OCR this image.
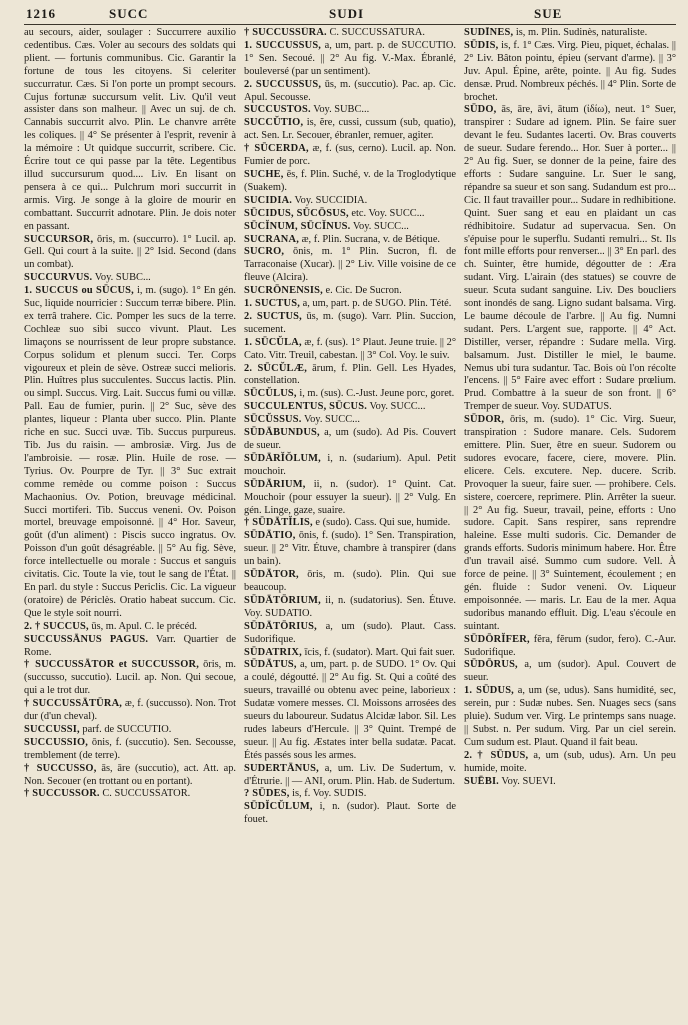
1216	SUCC	SUDI	SUE

au secours, aider, soulager : Succurrere auxilio cedentibus. Cæs. Voler au secours des soldats qui plient. — fortunis communibus. Cic. Garantir la fortune de tous les citoyens. Si celeriter succurratur. Cæs. Si l'on porte un prompt secours. Cujus fortunæ succursum velit. Liv. Qu'il veut assister dans son malheur. || Avec un suj. de ch. Cannabis succurrit alvo. Plin. Le chanvre arrête les coliques. || 4° Se présenter à l'esprit, revenir à la mémoire : Ut quidque succurrit, scribere. Cic. Écrire tout ce qui passe par la tête. Legentibus illud succursurum quod.... Liv. En lisant on pensera à ce qui... Pulchrum mori succurrit in armis. Virg. Je songe à la gloire de mourir en combattant. Succurrit adnotare. Plin. Je dois noter en passant.

SUCCURSOR, ōris, m. (succurro). 1° Lucil. ap. Gell. Qui court à la suite. || 2° Isid. Second (dans un combat).

SUCCURVUS. Voy. SUBC...

1. SUCCUS ou SŪCUS, i, m. (sugo). 1° En gén. Suc, liquide nourricier : Succum terræ bibere. Plin. ex terrâ trahere. Cic. Pomper les sucs de la terre. Cochleæ suo sibi succo vivunt. Plaut. Les limaçons se nourrissent de leur propre substance. Corpus solidum et plenum succi. Ter. Corps vigoureux et plein de sève. Ostreæ succi melioris. Plin. Huîtres plus succulentes. Succus lactis. Plin. ou simpl. Succus. Virg. Lait. Succus fumi ou villæ. Pall. Eau de fumier, purin. || 2° Suc, sève des plantes, liqueur : Planta uber succo. Plin. Plante riche en suc. Succi uvæ. Tib. Succus purpureus. Tib. Jus du raisin. — ambrosiæ. Virg. Jus de l'ambroisie. — rosæ. Plin. Huile de rose. — Tyrius. Ov. Pourpre de Tyr. || 3° Suc extrait comme remède ou comme poison : Succus Machaonius. Ov. Potion, breuvage médicinal. Succi mortiferi. Tib. Succus veneni. Ov. Poison mortel, breuvage empoisonné. || 4° Hor. Saveur, goût (d'un aliment) : Piscis succo ingratus. Ov. Poisson d'un goût désagréable. || 5° Au fig. Sève, force intellectuelle ou morale : Succus et sanguis civitatis. Cic. Toute la vie, tout le sang de l'État. || En parl. du style : Succus Periclis. Cic. La vigueur (oratoire) de Périclès. Oratio habeat succum. Cic. Que le style soit nourri.

2. † SUCCUS, ūs, m. Apul. C. le précéd.

SUCCUSSĀNUS PAGUS. Varr. Quartier de Rome.

† SUCCUSSĀTOR et SUCCUSSOR, ōris, m. (succusso, succutio). Lucil. ap. Non. Qui secoue, qui a le trot dur.

† SUCCUSSĀTŪRA, æ, f. (succusso). Non. Trot dur (d'un cheval).

SUCCUSSI, parf. de SUCCUTIO.

SUCCUSSIO, ōnis, f. (succutio). Sen. Secousse, tremblement (de terre).

† SUCCUSSO, ās, āre (succutio), act. Att. ap. Non. Secouer (en trottant ou en portant).

† SUCCUSSOR. C. SUCCUSSATOR.

† SUCCUSSŪRA. C. SUCCUSSATURA.

1. SUCCUSSUS, a, um, part. p. de SUCCUTIO. 1° Sen. Secoué. || 2° Au fig. V.-Max. Ébranlé, bouleversé (par un sentiment).

2. SUCCUSSUS, ūs, m. (succutio). Pac. ap. Cic. Apul. Secousse.

SUCCUSTOS. Voy. SUBC...

SUCCŬTIO, is, ĕre, cussi, cussum (sub, quatio), act. Sen. Lr. Secouer, ébranler, remuer, agiter.

† SŪCERDA, æ, f. (sus, cerno). Lucil. ap. Non. Fumier de porc.

SUCHE, ēs, f. Plin. Suché, v. de la Troglodytique (Suakem).

SUCIDIA. Voy. SUCCIDIA.

SŪCIDUS, SŪCŌSUS, etc. Voy. SUCC...

SŪCĬNUM, SŪCĬNUS. Voy. SUCC...

SUCRANA, æ, f. Plin. Sucrana, v. de Bétique.

SUCRO, ōnis, m. 1° Plin. Sucron, fl. de Tarraconaise (Xucar). || 2° Liv. Ville voisine de ce fleuve (Alcira).

SUCRŌNENSIS, e. Cic. De Sucron.

1. SUCTUS, a, um, part. p. de SUGO. Plin. Tété.

2. SUCTUS, ūs, m. (sugo). Varr. Plin. Succion, sucement.

1. SŪCŬLA, æ, f. (sus). 1° Plaut. Jeune truie. || 2° Cato. Vitr. Treuil, cabestan. || 3° Col. Voy. le suiv.

2. SŪCŬLÆ, ārum, f. Plin. Gell. Les Hyades, constellation.

SŪCŬLUS, i, m. (sus). C.-Just. Jeune porc, goret.

SUCCULENTUS, SŪCUS. Voy. SUCC...

SŪCŬSSUS. Voy. SUCC...

SŪDĀBUNDUS, a, um (sudo). Ad Pis. Couvert de sueur.

SŪDĀRĬŎLUM, i, n. (sudarium). Apul. Petit mouchoir.

SŪDĀRIUM, ii, n. (sudor). 1° Quint. Cat. Mouchoir (pour essuyer la sueur). || 2° Vulg. En gén. Linge, gaze, suaire.

† SŪDĀTĬLIS, e (sudo). Cass. Qui sue, humide.

SŪDĀTIO, ōnis, f. (sudo). 1° Sen. Transpiration, sueur. || 2° Vitr. Étuve, chambre à transpirer (dans un bain).

SŪDĀTOR, ōris, m. (sudo). Plin. Qui sue beaucoup.

SŪDĀTŌRIUM, ii, n. (sudatorius). Sen. Étuve. Voy. SUDATIO.

SŪDĀTŌRIUS, a, um (sudo). Plaut. Cass. Sudorifique.

SŪDATRIX, īcis, f. (sudator). Mart. Qui fait suer.

SŪDĀTUS, a, um, part. p. de SUDO. 1° Ov. Qui a coulé, dégoutté. || 2° Au fig. St. Qui a coûté des sueurs, travaillé ou obtenu avec peine, laborieux : Sudatæ vomere messes. Cl. Moissons arrosées des sueurs du laboureur. Sudatus Alcidæ labor. Sil. Les rudes labeurs d'Hercule. || 3° Quint. Trempé de sueur. || Au fig. Æstates inter bella sudatæ. Pacat. Étés passés sous les armes.

SUDERTĀNUS, a, um. Liv. De Sudertum, v. d'Étrurie. || — ANI, orum. Plin. Hab. de Sudertum.

? SŪDES, is, f. Voy. SUDIS.

SŪDĬCŬLUM, i, n. (sudor). Plaut. Sorte de fouet.

SUDĪNES, is, m. Plin. Sudinès, naturaliste.

SŪDIS, is, f. 1° Cæs. Virg. Pieu, piquet, échalas. || 2° Liv. Bâton pointu, épieu (servant d'arme). || 3° Juv. Apul. Épine, arête, pointe. || Au fig. Sudes densæ. Prud. Nombreux péchés. || 4° Plin. Sorte de brochet.

SŪDO, ās, āre, āvi, ātum (ἰδίω), neut. 1° Suer, transpirer : Sudare ad ignem. Plin. Se faire suer devant le feu. Sudantes lacerti. Ov. Bras couverts de sueur. Sudare ferendo... Hor. Suer à porter... || 2° Au fig. Suer, se donner de la peine, faire des efforts : Sudare sanguine. Lr. Suer le sang, répandre sa sueur et son sang. Sudandum est pro... Cic. Il faut travailler pour... Sudare in redhibitione. Quint. Suer sang et eau en plaidant un cas rédhibitoire. Sudatur ad supervacua. Sen. On s'épuise pour le superflu. Sudanti remulri... St. Ils font mille efforts pour renverser... || 3° En parl. des ch. Suinter, être humide, dégoutter de : Æra sudant. Virg. L'airain (des statues) se couvre de sueur. Scuta sudant sanguine. Liv. Des boucliers sont inondés de sang. Ligno sudant balsama. Virg. Le baume découle de l'arbre. || Au fig. Numni sudant. Pers. L'argent sue, rapporte. || 4° Act. Distiller, verser, répandre : Sudare mella. Virg. balsamum. Just. Distiller le miel, le baume. Nemus ubi tura sudantur. Tac. Bois où l'on récolte l'encens. || 5° Faire avec effort : Sudare prœlium. Prud. Combattre à la sueur de son front. || 6° Tremper de sueur. Voy. SUDATUS.

SŪDOR, ōris, m. (sudo). 1° Cic. Virg. Sueur, transpiration : Sudore manare. Cels. Sudorem emittere. Plin. Suer, être en sueur. Sudorem ou sudores evocare, facere, ciere, movere. Plin. elicere. Cels. excutere. Nep. ducere. Scrib. Provoquer la sueur, faire suer. — prohibere. Cels. sistere, coercere, reprimere. Plin. Arrêter la sueur. || 2° Au fig. Sueur, travail, peine, efforts : Uno sudore. Capit. Sans respirer, sans reprendre haleine. Esse multi sudoris. Cic. Demander de grands efforts. Sudoris minimum habere. Hor. Être d'un travail aisé. Summo cum sudore. Vell. À force de peine. || 3° Suintement, écoulement ; en gén. fluide : Sudor veneni. Ov. Liqueur empoisonnée. — maris. Lr. Eau de la mer. Aqua sudoribus manando effluit. Dig. L'eau s'écoule en suintant.

SŪDŌRĬFER, fĕra, fĕrum (sudor, fero). C.-Aur. Sudorifique.

SŪDŌRUS, a, um (sudor). Apul. Couvert de sueur.

1. SŪDUS, a, um (se, udus). Sans humidité, sec, serein, pur : Sudæ nubes. Sen. Nuages secs (sans pluie). Sudum ver. Virg. Le printemps sans nuage. || Subst. n. Per sudum. Virg. Par un ciel serein. Cum sudum est. Plaut. Quand il fait beau.

2. † SŪDUS, a, um (sub, udus). Arn. Un peu humide, moite.

SUĒBI. Voy. SUEVI.
